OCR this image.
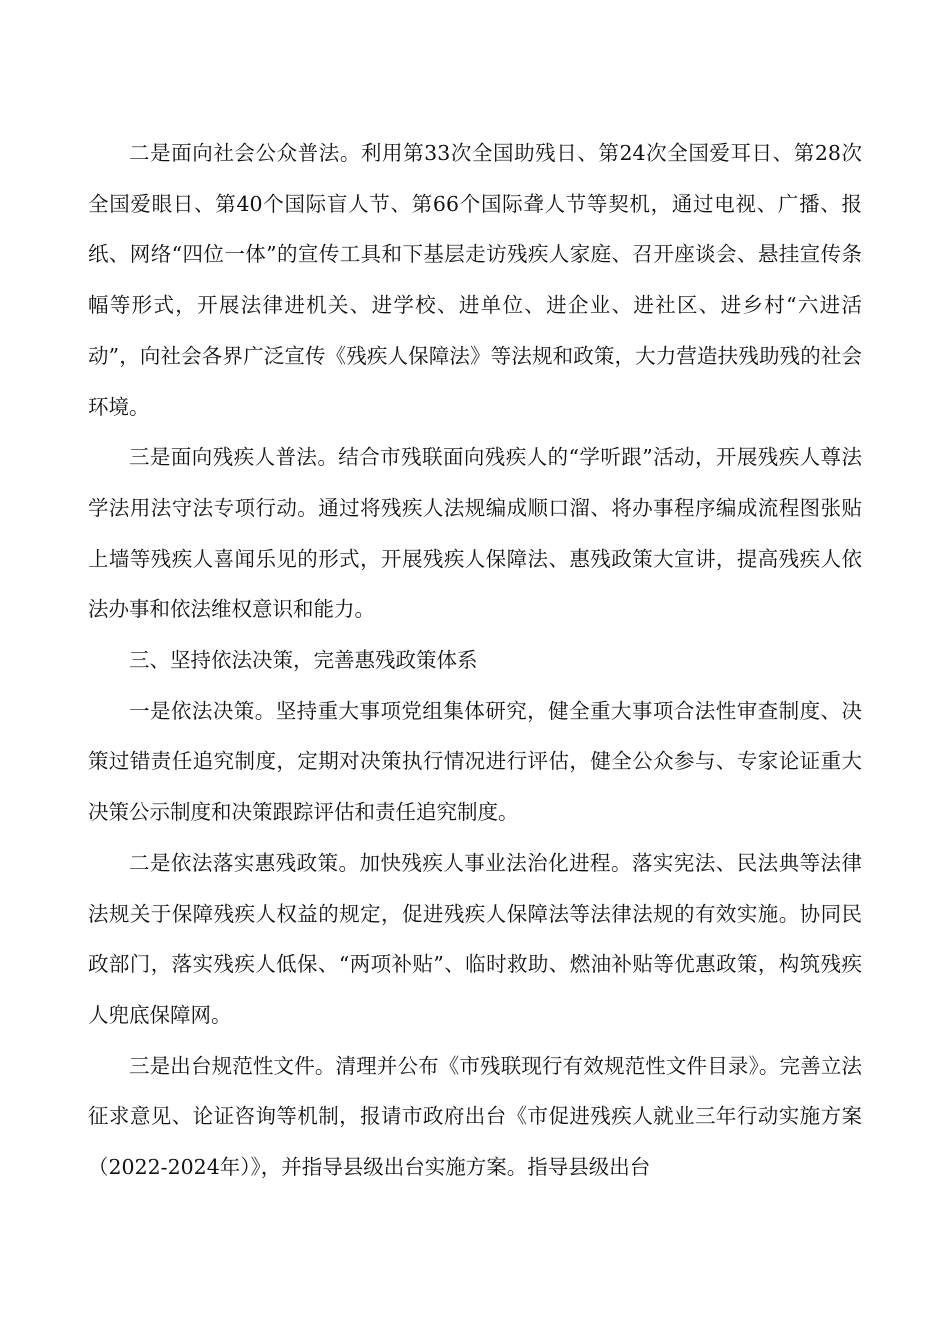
二是面向社会公众普法。利用第33次全国助残日、第24次全国爱耳日、第28次全国爱眼日、第40个国际盲人节、第66个国际聋人节等契机，通过电视、广播、报纸、网络“四位一体”的宣传工具和下基层走访残疾人家庭、召开座谈会、悬挂宣传条幅等形式，开展法律进机关、进学校、进单位、进企业、进社区、进乡村“六进活动”，向社会各界广泛宣传《残疾人保障法》等法规和政策，大力营造扶残助残的社会环境。

三是面向残疾人普法。结合市残联面向残疾人的“学听跟”活动，开展残疾人尊法学法用法守法专项行动。通过将残疾人法规编成顺口溜、将办事程序编成流程图张贴上墙等残疾人喜闻乐见的形式，开展残疾人保障法、惠残政策大宣讲，提高残疾人依法办事和依法维权意识和能力。

三、坚持依法决策，完善惠残政策体系

一是依法决策。坚持重大事项党组集体研究，健全重大事项合法性审查制度、决策过错责任追究制度，定期对决策执行情况进行评估，健全公众参与、专家论证重大决策公示制度和决策跟踪评估和责任追究制度。

二是依法落实惠残政策。加快残疾人事业法治化进程。落实宪法、民法典等法律法规关于保障残疾人权益的规定，促进残疾人保障法等法律法规的有效实施。协同民政部门，落实残疾人低保、“两项补贴”、临时救助、燃油补贴等优惠政策，构筑残疾人兜底保障网。

三是出台规范性文件。清理并公布《市残联现行有效规范性文件目录》。完善立法征求意见、论证咨询等机制，报请市政府出台《市促进残疾人就业三年行动实施方案（2022-2024年）》，并指导县级出台实施方案。指导县级出台
